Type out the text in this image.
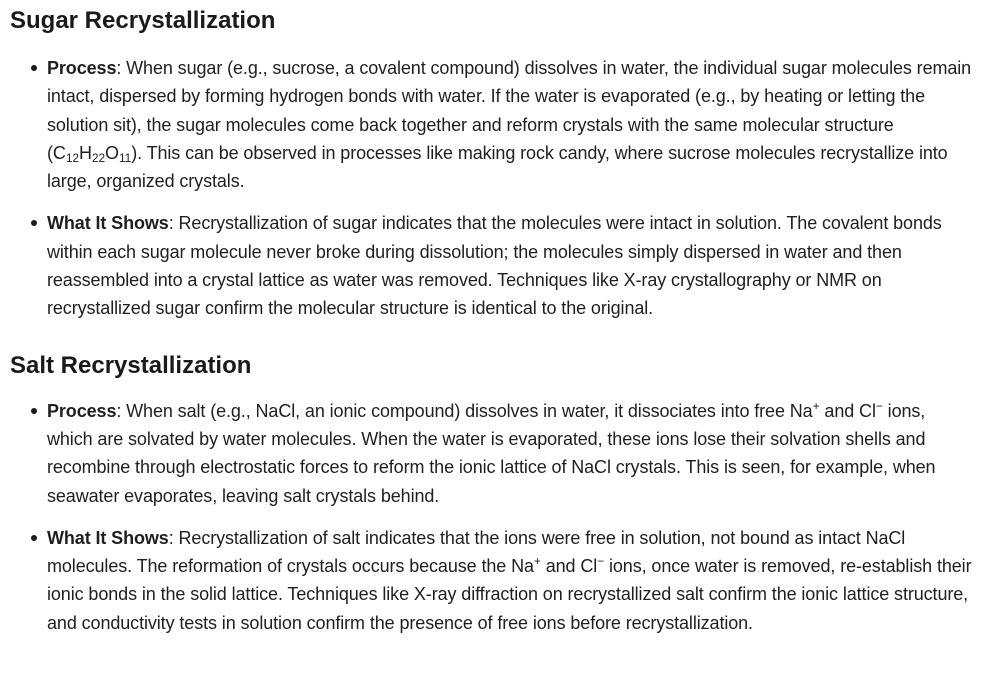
Sugar Recrystallization
Process: When sugar (e.g., sucrose, a covalent compound) dissolves in water, the individual sugar molecules remain intact, dispersed by forming hydrogen bonds with water. If the water is evaporated (e.g., by heating or letting the solution sit), the sugar molecules come back together and reform crystals with the same molecular structure $(C_{12}H_{22}O_{11})$. This can be observed in processes like making rock candy, where sucrose molecules recrystallize into large, organized crystals.
What It Shows: Recrystallization of sugar indicates that the molecules were intact in solution. The covalent bonds within each sugar molecule never broke during dissolution; the molecules simply dispersed in water and then reassembled into a crystal lattice as water was removed. Techniques like X-ray crystallography or NMR on recrystallized sugar confirm the molecular structure is identical to the original.
Salt Recrystallization
Process: When salt (e.g., NaCl, an ionic compound) dissolves in water, it dissociates into free Na+ and Cl− ions, which are solvated by water molecules. When the water is evaporated, these ions lose their solvation shells and recombine through electrostatic forces to reform the ionic lattice of NaCl crystals. This is seen, for example, when seawater evaporates, leaving salt crystals behind.
What It Shows: Recrystallization of salt indicates that the ions were free in solution, not bound as intact NaCl molecules. The reformation of crystals occurs because the Na+ and Cl− ions, once water is removed, re-establish their ionic bonds in the solid lattice. Techniques like X-ray diffraction on recrystallized salt confirm the ionic lattice structure, and conductivity tests in solution confirm the presence of free ions before recrystallization.
